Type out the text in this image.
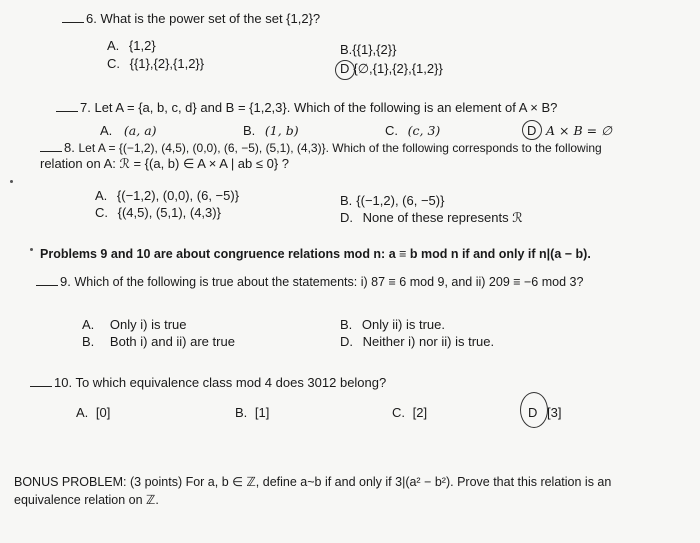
6. What is the power set of the set {1,2}?
A. {1,2}
C. {{1},{2},{1,2}}
B.{{1},{2}}
D {∅,{1},{2},{1,2}}
7. Let A = {a, b, c, d} and B = {1,2,3}. Which of the following is an element of A × B?
A. (a, a)	B. (1, b)	C. (c, 3)	D A × B = ∅
8. Let A = {(−1,2), (4,5), (0,0), (6, −5), (5,1), (4,3)}. Which of the following corresponds to the following
relation on A: ℛ = {(a, b) ∈ A × A | ab ≤ 0} ?
A. {(−1,2), (0,0), (6, −5)}
C. {(4,5), (5,1), (4,3)}
B. {(−1,2), (6, −5)}
D. None of these represents ℛ
Problems 9 and 10 are about congruence relations mod n: a ≡ b mod n if and only if n|(a − b).
9. Which of the following is true about the statements: i) 87 ≡ 6 mod 9, and ii) 209 ≡ −6 mod 3?
A. Only i) is true
B. Both i) and ii) are true
B. Only ii) is true.
D. Neither i) nor ii) is true.
10. To which equivalence class mod 4 does 3012 belong?
A. [0]	B. [1]	C. [2]	D [3]
BONUS PROBLEM: (3 points) For a, b ∈ ℤ, define a~b if and only if 3|(a² − b²). Prove that this relation is an
equivalence relation on ℤ.
